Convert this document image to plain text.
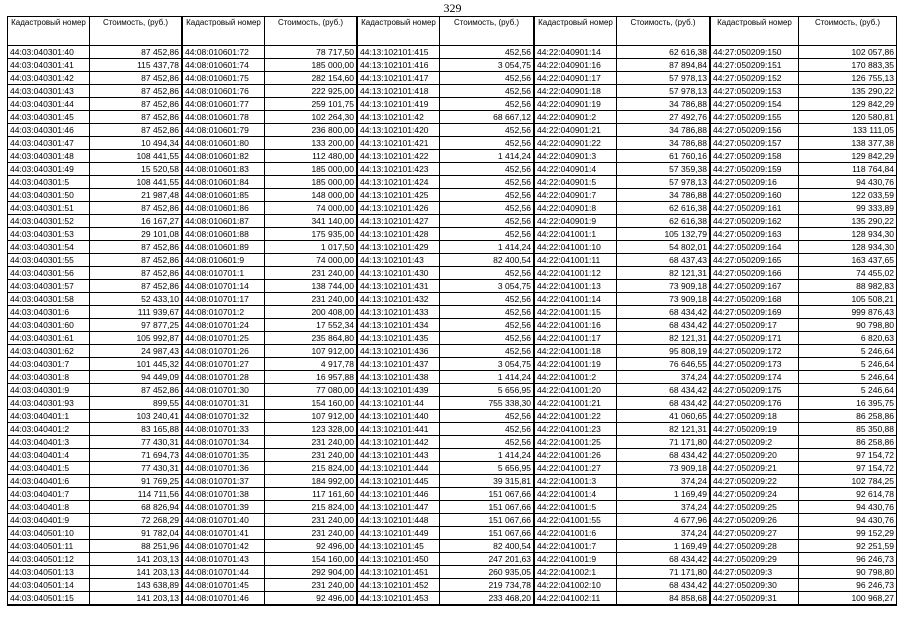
329
Кадастровый номер	Стоимость, (руб.)
44:03:040301:40	87 452,86
44:03:040301:41	115 437,78
44:03:040301:42	87 452,86
44:03:040301:43	87 452,86
44:03:040301:44	87 452,86
44:03:040301:45	87 452,86
44:03:040301:46	87 452,86
44:03:040301:47	10 494,34
44:03:040301:48	108 441,55
44:03:040301:49	15 520,58
44:03:040301:5	108 441,55
44:03:040301:50	21 987,48
44:03:040301:51	87 452,86
44:03:040301:52	16 167,27
44:03:040301:53	29 101,08
44:03:040301:54	87 452,86
44:03:040301:55	87 452,86
44:03:040301:56	87 452,86
44:03:040301:57	87 452,86
44:03:040301:58	52 433,10
44:03:040301:6	111 939,67
44:03:040301:60	97 877,25
44:03:040301:61	105 992,87
44:03:040301:62	24 987,43
44:03:040301:7	101 445,32
44:03:040301:8	94 449,09
44:03:040301:9	87 452,86
44:03:040301:93	899,55
44:03:040401:1	103 240,41
44:03:040401:2	83 165,88
44:03:040401:3	77 430,31
44:03:040401:4	71 694,73
44:03:040401:5	77 430,31
44:03:040401:6	91 769,25
44:03:040401:7	114 711,56
44:03:040401:8	68 826,94
44:03:040401:9	72 268,29
44:03:040501:10	91 782,04
44:03:040501:11	88 251,96
44:03:040501:12	141 203,13
44:03:040501:13	141 203,13
44:03:040501:14	143 638,89
44:03:040501:15	141 203,13
Кадастровый номер	Стоимость, (руб.)
44:08:010601:72	78 717,50
44:08:010601:74	185 000,00
44:08:010601:75	282 154,60
44:08:010601:76	222 925,00
44:08:010601:77	259 101,75
44:08:010601:78	102 264,30
44:08:010601:79	236 800,00
44:08:010601:80	133 200,00
44:08:010601:82	112 480,00
44:08:010601:83	185 000,00
44:08:010601:84	185 000,00
44:08:010601:85	148 000,00
44:08:010601:86	74 000,00
44:08:010601:87	341 140,00
44:08:010601:88	175 935,00
44:08:010601:89	1 017,50
44:08:010601:9	74 000,00
44:08:010701:1	231 240,00
44:08:010701:14	138 744,00
44:08:010701:17	231 240,00
44:08:010701:2	200 408,00
44:08:010701:24	17 552,34
44:08:010701:25	235 864,80
44:08:010701:26	107 912,00
44:08:010701:27	4 917,78
44:08:010701:28	16 957,88
44:08:010701:30	77 080,00
44:08:010701:31	154 160,00
44:08:010701:32	107 912,00
44:08:010701:33	123 328,00
44:08:010701:34	231 240,00
44:08:010701:35	231 240,00
44:08:010701:36	215 824,00
44:08:010701:37	184 992,00
44:08:010701:38	117 161,60
44:08:010701:39	215 824,00
44:08:010701:40	231 240,00
44:08:010701:41	231 240,00
44:08:010701:42	92 496,00
44:08:010701:43	154 160,00
44:08:010701:44	292 904,00
44:08:010701:45	231 240,00
44:08:010701:46	92 496,00
Кадастровый номер	Стоимость, (руб.)
44:13:102101:415	452,56
44:13:102101:416	3 054,75
44:13:102101:417	452,56
44:13:102101:418	452,56
44:13:102101:419	452,56
44:13:102101:42	68 667,12
44:13:102101:420	452,56
44:13:102101:421	452,56
44:13:102101:422	1 414,24
44:13:102101:423	452,56
44:13:102101:424	452,56
44:13:102101:425	452,56
44:13:102101:426	452,56
44:13:102101:427	452,56
44:13:102101:428	452,56
44:13:102101:429	1 414,24
44:13:102101:43	82 400,54
44:13:102101:430	452,56
44:13:102101:431	3 054,75
44:13:102101:432	452,56
44:13:102101:433	452,56
44:13:102101:434	452,56
44:13:102101:435	452,56
44:13:102101:436	452,56
44:13:102101:437	3 054,75
44:13:102101:438	1 414,24
44:13:102101:439	5 656,95
44:13:102101:44	755 338,30
44:13:102101:440	452,56
44:13:102101:441	452,56
44:13:102101:442	452,56
44:13:102101:443	1 414,24
44:13:102101:444	5 656,95
44:13:102101:445	39 315,81
44:13:102101:446	151 067,66
44:13:102101:447	151 067,66
44:13:102101:448	151 067,66
44:13:102101:449	151 067,66
44:13:102101:45	82 400,54
44:13:102101:450	247 201,63
44:13:102101:451	260 935,05
44:13:102101:452	219 734,78
44:13:102101:453	233 468,20
Кадастровый номер	Стоимость, (руб.)
44:22:040901:14	62 616,38
44:22:040901:16	87 894,84
44:22:040901:17	57 978,13
44:22:040901:18	57 978,13
44:22:040901:19	34 786,88
44:22:040901:2	27 492,76
44:22:040901:21	34 786,88
44:22:040901:22	34 786,88
44:22:040901:3	61 760,16
44:22:040901:4	57 359,38
44:22:040901:5	57 978,13
44:22:040901:7	34 786,88
44:22:040901:8	62 616,38
44:22:040901:9	62 616,38
44:22:041001:1	105 132,79
44:22:041001:10	54 802,01
44:22:041001:11	68 437,43
44:22:041001:12	82 121,31
44:22:041001:13	73 909,18
44:22:041001:14	73 909,18
44:22:041001:15	68 434,42
44:22:041001:16	68 434,42
44:22:041001:17	82 121,31
44:22:041001:18	95 808,19
44:22:041001:19	76 646,55
44:22:041001:2	374,24
44:22:041001:20	68 434,42
44:22:041001:21	68 434,42
44:22:041001:22	41 060,65
44:22:041001:23	82 121,31
44:22:041001:25	71 171,80
44:22:041001:26	68 434,42
44:22:041001:27	73 909,18
44:22:041001:3	374,24
44:22:041001:4	1 169,49
44:22:041001:5	374,24
44:22:041001:55	4 677,96
44:22:041001:6	374,24
44:22:041001:7	1 169,49
44:22:041001:9	68 434,42
44:22:041002:1	71 171,80
44:22:041002:10	68 434,42
44:22:041002:11	84 858,68
Кадастровый номер	Стоимость, (руб.)
44:27:050209:150	102 057,86
44:27:050209:151	170 883,35
44:27:050209:152	126 755,13
44:27:050209:153	135 290,22
44:27:050209:154	129 842,29
44:27:050209:155	120 580,81
44:27:050209:156	133 111,05
44:27:050209:157	138 377,38
44:27:050209:158	129 842,29
44:27:050209:159	118 764,84
44:27:050209:16	94 430,76
44:27:050209:160	122 033,59
44:27:050209:161	99 333,89
44:27:050209:162	135 290,22
44:27:050209:163	128 934,30
44:27:050209:164	128 934,30
44:27:050209:165	163 437,65
44:27:050209:166	74 455,02
44:27:050209:167	88 982,83
44:27:050209:168	105 508,21
44:27:050209:169	999 876,43
44:27:050209:17	90 798,80
44:27:050209:171	6 820,63
44:27:050209:172	5 246,64
44:27:050209:173	5 246,64
44:27:050209:174	5 246,64
44:27:050209:175	5 246,64
44:27:050209:176	16 395,75
44:27:050209:18	86 258,86
44:27:050209:19	85 350,88
44:27:050209:2	86 258,86
44:27:050209:20	97 154,72
44:27:050209:21	97 154,72
44:27:050209:22	102 784,25
44:27:050209:24	92 614,78
44:27:050209:25	94 430,76
44:27:050209:26	94 430,76
44:27:050209:27	99 152,29
44:27:050209:28	92 251,59
44:27:050209:29	96 246,73
44:27:050209:3	90 798,80
44:27:050209:30	96 246,73
44:27:050209:31	100 968,27
